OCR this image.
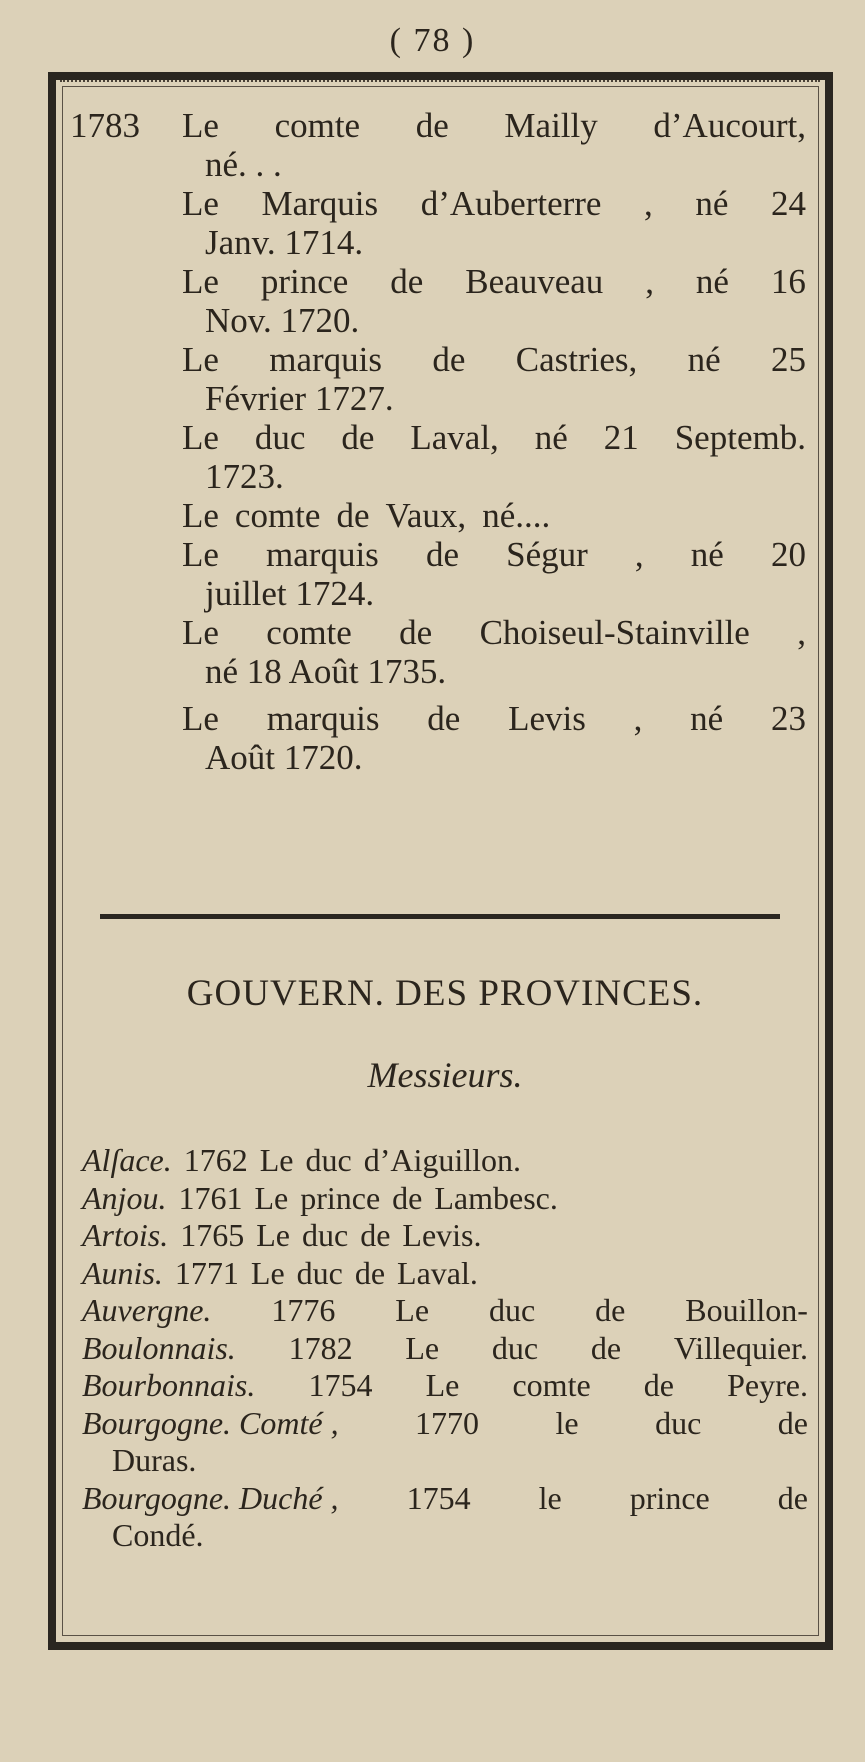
( 78 )
1783	Le comte de Mailly d’Aucourt,
né. . .
Le Marquis d’Auberterre , né 24
Janv. 1714.
Le prince de Beauveau , né 16
Nov. 1720.
Le marquis de Castries, né 25
Février 1727.
Le duc de Laval, né 21 Septemb.
1723.
Le comte de Vaux, né....
Le marquis de Ségur , né 20
juillet 1724.
Le comte de Choiseul-Stainville ,
né 18 Août 1735.
Le marquis de Levis , né 23
Août 1720.
GOUVERN. DES PROVINCES.
Messieurs.
Alſace. 1762 Le duc d’Aiguillon.
Anjou. 1761 Le prince de Lambesc.
Artois. 1765 Le duc de Levis.
Aunis. 1771 Le duc de Laval.
Auvergne. 1776 Le duc de Bouillon-
Boulonnais. 1782 Le duc de Villequier.
Bourbonnais. 1754 Le comte de Peyre.
Bourgogne. Comté , 1770 le duc de
Duras.
Bourgogne. Duché , 1754 le prince de
Condé.
